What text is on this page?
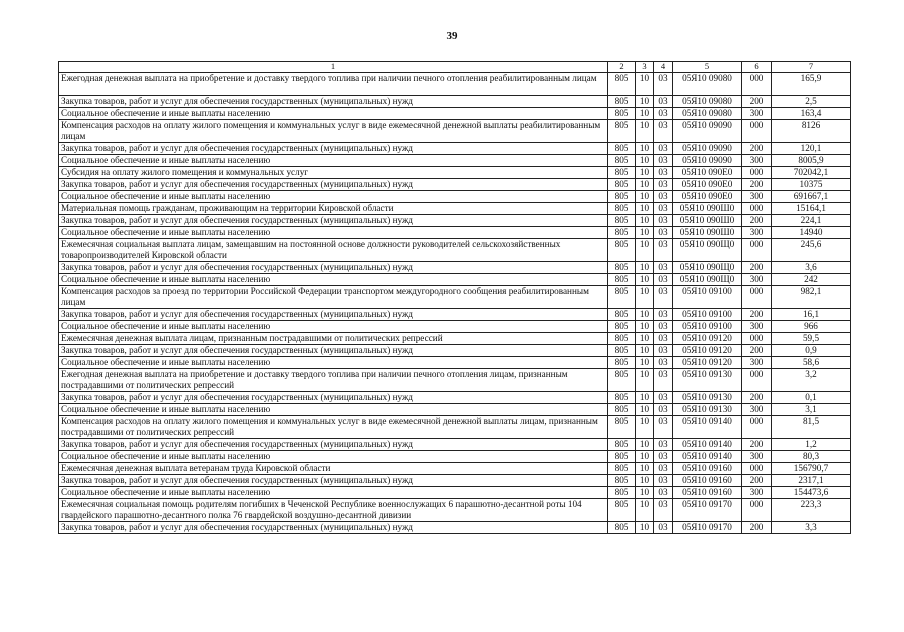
39
1	2	3	4	5	6	7
Ежегодная денежная выплата на приобретение и доставку твердого топлива при наличии печного отопления реабилитированным лицам	805	10	03	05Я10 09080	000	165,9
Закупка товаров, работ и услуг для обеспечения государственных (муниципальных) нужд	805	10	03	05Я10 09080	200	2,5
Социальное обеспечение и иные выплаты населению	805	10	03	05Я10 09080	300	163,4
Компенсация расходов на оплату жилого помещения и коммунальных услуг в виде ежемесячной денежной выплаты реабилитированным лицам	805	10	03	05Я10 09090	000	8126
Закупка товаров, работ и услуг для обеспечения государственных (муниципальных) нужд	805	10	03	05Я10 09090	200	120,1
Социальное обеспечение и иные выплаты населению	805	10	03	05Я10 09090	300	8005,9
Субсидия на оплату жилого помещения и коммунальных услуг	805	10	03	05Я10 090Е0	000	702042,1
Закупка товаров, работ и услуг для обеспечения государственных (муниципальных) нужд	805	10	03	05Я10 090Е0	200	10375
Социальное обеспечение и иные выплаты населению	805	10	03	05Я10 090Е0	300	691667,1
Материальная помощь гражданам, проживающим на территории Кировской области	805	10	03	05Я10 090Ш0	000	15164,1
Закупка товаров, работ и услуг для обеспечения государственных (муниципальных) нужд	805	10	03	05Я10 090Ш0	200	224,1
Социальное обеспечение и иные выплаты населению	805	10	03	05Я10 090Ш0	300	14940
Ежемесячная социальная выплата лицам, замещавшим на постоянной основе должности руководителей сельскохозяйственных товаропроизводителей Кировской области	805	10	03	05Я10 090Щ0	000	245,6
Закупка товаров, работ и услуг для обеспечения государственных (муниципальных) нужд	805	10	03	05Я10 090Щ0	200	3,6
Социальное обеспечение и иные выплаты населению	805	10	03	05Я10 090Щ0	300	242
Компенсация расходов за проезд по территории Российской Федерации транспортом междугородного сообщения реабилитированным лицам	805	10	03	05Я10 09100	000	982,1
Закупка товаров, работ и услуг для обеспечения государственных (муниципальных) нужд	805	10	03	05Я10 09100	200	16,1
Социальное обеспечение и иные выплаты населению	805	10	03	05Я10 09100	300	966
Ежемесячная денежная выплата лицам, признанным пострадавшими от политических репрессий	805	10	03	05Я10 09120	000	59,5
Закупка товаров, работ и услуг для обеспечения государственных (муниципальных) нужд	805	10	03	05Я10 09120	200	0,9
Социальное обеспечение и иные выплаты населению	805	10	03	05Я10 09120	300	58,6
Ежегодная денежная выплата на приобретение и доставку твердого топлива при наличии печного отопления лицам, признанным пострадавшими от политических репрессий	805	10	03	05Я10 09130	000	3,2
Закупка товаров, работ и услуг для обеспечения государственных (муниципальных) нужд	805	10	03	05Я10 09130	200	0,1
Социальное обеспечение и иные выплаты населению	805	10	03	05Я10 09130	300	3,1
Компенсация расходов на оплату жилого помещения и коммунальных услуг в виде ежемесячной денежной выплаты лицам, признанным пострадавшими от политических репрессий	805	10	03	05Я10 09140	000	81,5
Закупка товаров, работ и услуг для обеспечения государственных (муниципальных) нужд	805	10	03	05Я10 09140	200	1,2
Социальное обеспечение и иные выплаты населению	805	10	03	05Я10 09140	300	80,3
Ежемесячная денежная выплата ветеранам труда Кировской области	805	10	03	05Я10 09160	000	156790,7
Закупка товаров, работ и услуг для обеспечения государственных (муниципальных) нужд	805	10	03	05Я10 09160	200	2317,1
Социальное обеспечение и иные выплаты населению	805	10	03	05Я10 09160	300	154473,6
Ежемесячная социальная помощь родителям погибших в Чеченской Республике военнослужащих 6 парашютно-десантной роты 104 гвардейского парашютно-десантного полка 76 гвардейской воздушно-десантной дивизии	805	10	03	05Я10 09170	000	223,3
Закупка товаров, работ и услуг для обеспечения государственных (муниципальных) нужд	805	10	03	05Я10 09170	200	3,3
